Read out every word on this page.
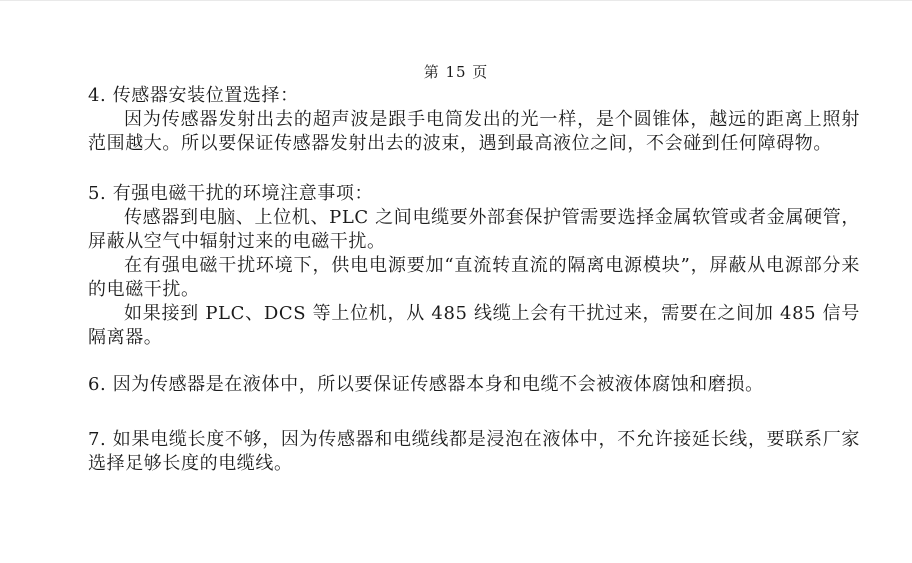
第 15 页

4. 传感器安装位置选择：

因为传感器发射出去的超声波是跟手电筒发出的光一样，是个圆锥体，越远的距离上照射范围越大。所以要保证传感器发射出去的波束，遇到最高液位之间，不会碰到任何障碍物。

5. 有强电磁干扰的环境注意事项：

传感器到电脑、上位机、PLC 之间电缆要外部套保护管需要选择金属软管或者金属硬管，屏蔽从空气中辐射过来的电磁干扰。

在有强电磁干扰环境下，供电电源要加“直流转直流的隔离电源模块”，屏蔽从电源部分来的电磁干扰。

如果接到 PLC、DCS 等上位机，从 485 线缆上会有干扰过来，需要在之间加 485 信号隔离器。

6. 因为传感器是在液体中，所以要保证传感器本身和电缆不会被液体腐蚀和磨损。

7. 如果电缆长度不够，因为传感器和电缆线都是浸泡在液体中，不允许接延长线，要联系厂家选择足够长度的电缆线。
